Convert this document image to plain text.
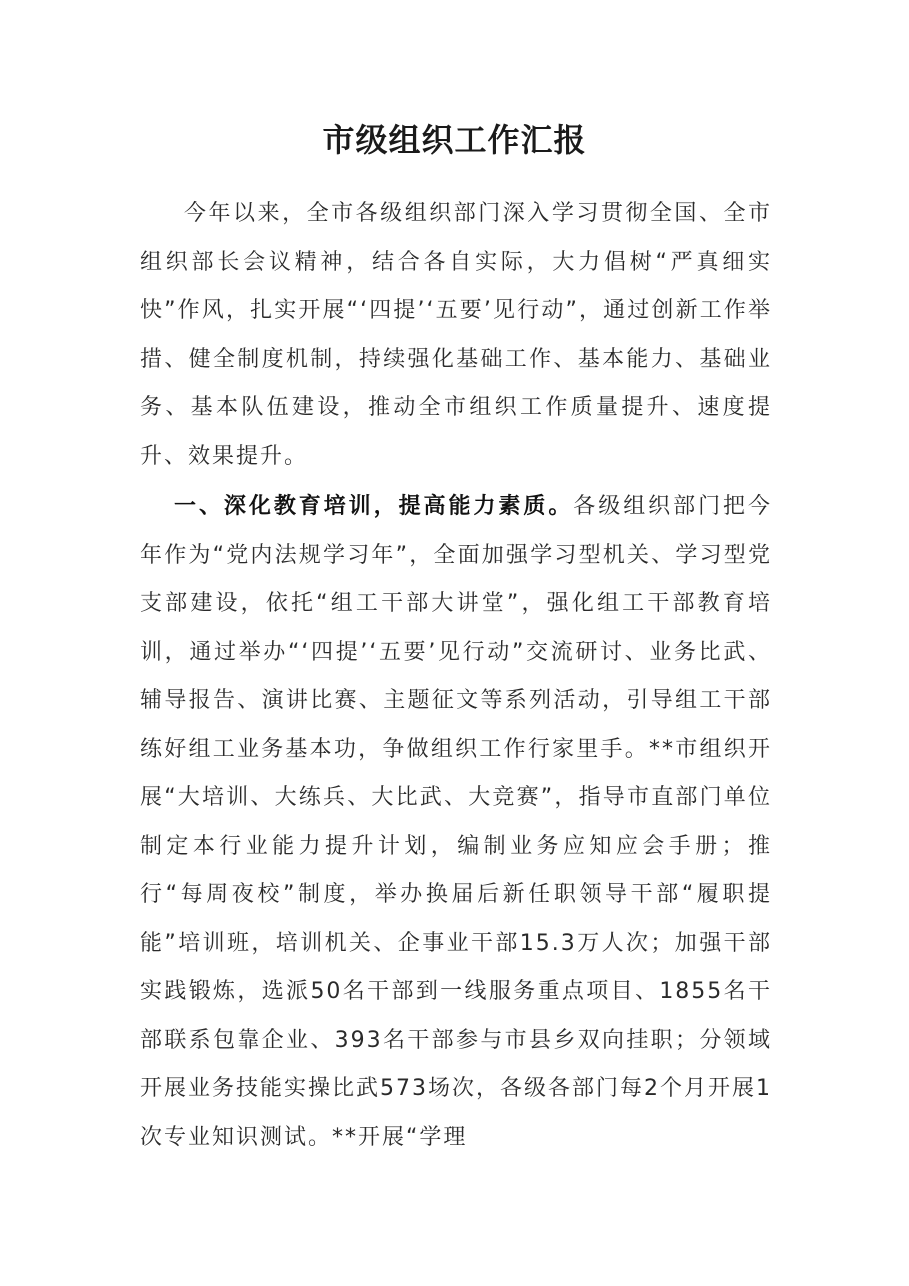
市级组织工作汇报
今年以来，全市各级组织部门深入学习贯彻全国、全市组织部长会议精神，结合各自实际，大力倡树“严真细实快”作风，扎实开展“‘四提’‘五要’见行动”，通过创新工作举措、健全制度机制，持续强化基础工作、基本能力、基础业务、基本队伍建设，推动全市组织工作质量提升、速度提升、效果提升。
一、深化教育培训，提高能力素质。各级组织部门把今年作为“党内法规学习年”，全面加强学习型机关、学习型党支部建设，依托“组工干部大讲堂”，强化组工干部教育培训，通过举办“‘四提’‘五要’见行动”交流研讨、业务比武、辅导报告、演讲比赛、主题征文等系列活动，引导组工干部练好组工业务基本功，争做组织工作行家里手。**市组织开展“大培训、大练兵、大比武、大竞赛”，指导市直部门单位制定本行业能力提升计划，编制业务应知应会手册；推行“每周夜校”制度，举办换届后新任职领导干部“履职提能”培训班，培训机关、企事业干部15.3万人次；加强干部实践锻炼，选派50名干部到一线服务重点项目、1855名干部联系包靠企业、393名干部参与市县乡双向挂职；分领域开展业务技能实操比武573场次，各级各部门每2个月开展1次专业知识测试。**开展“学理
